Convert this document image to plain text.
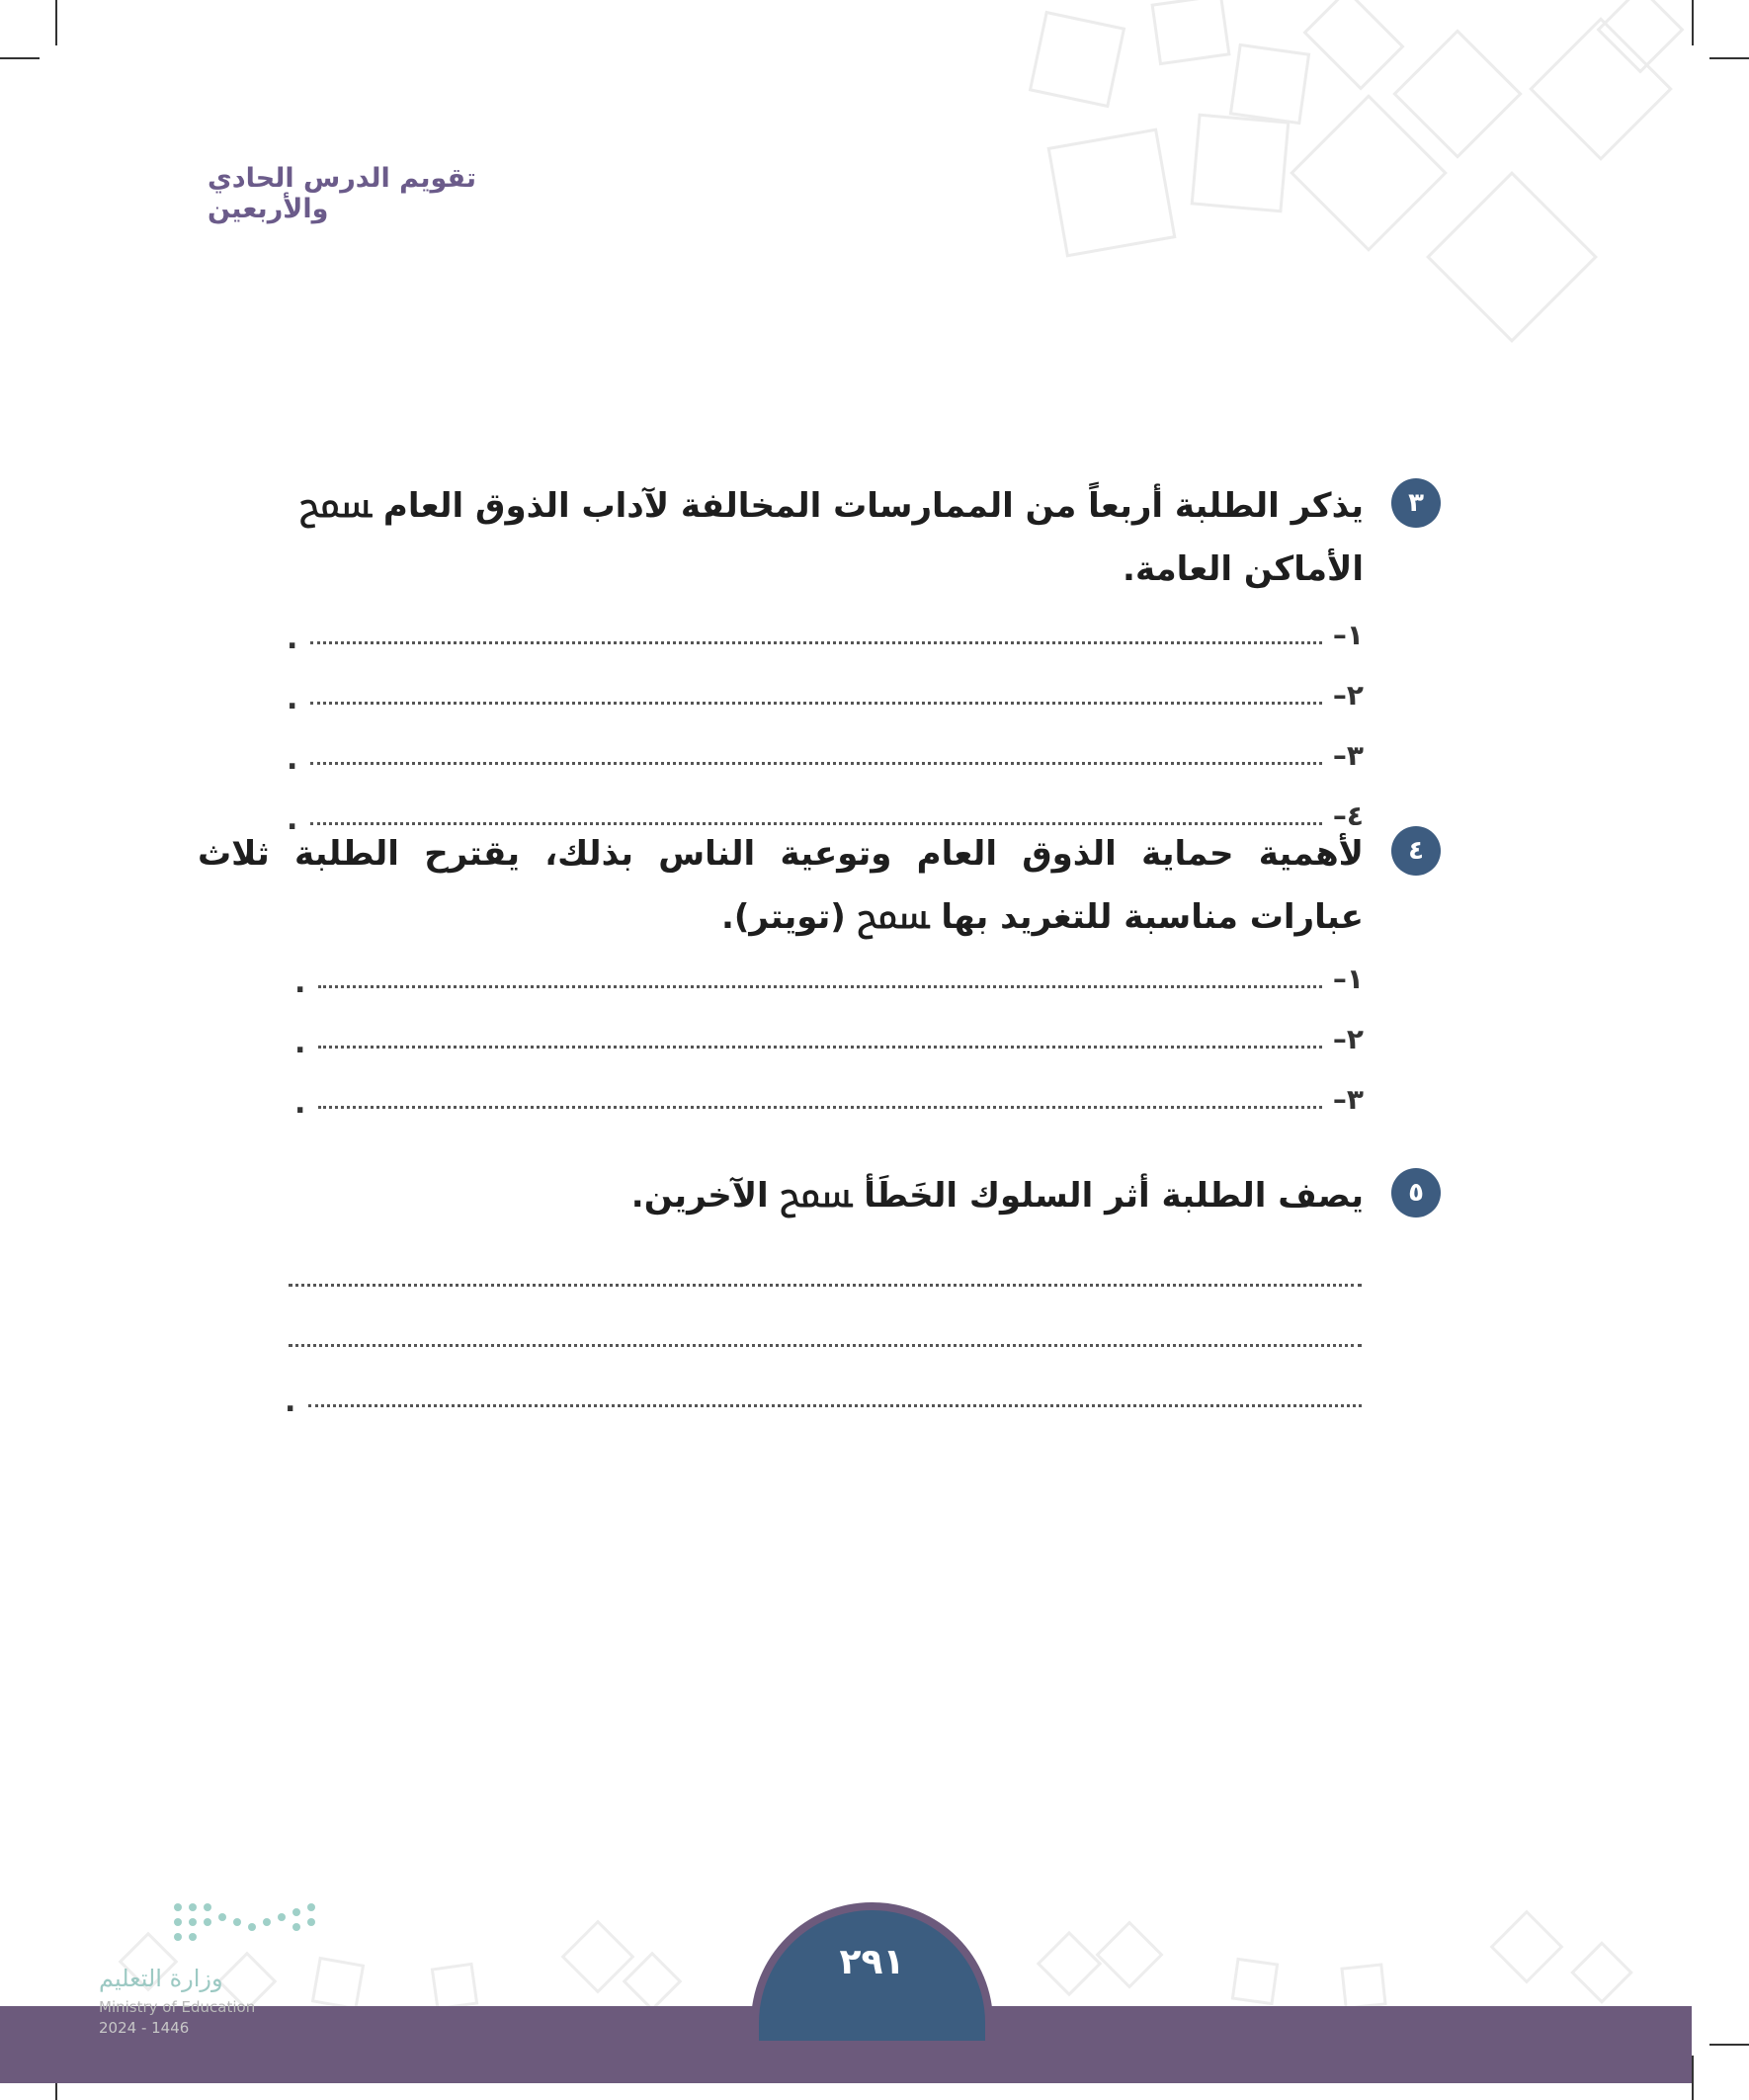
تقويم الدرس الحادي والأربعين
٣
يذكر الطلبة أربعاً من الممارسات المخالفة لآداب الذوق العام ﵟ الأماكن العامة.
١–
.
٢–
.
٣–
.
٤–
.
٤
لأهمية حماية الذوق العام وتوعية الناس بذلك، يقترح الطلبة ثلاث عبارات مناسبة للتغريد بها ﵟ (تويتر).
١–
.
٢–
.
٣–
.
٥
يصف الطلبة أثر السلوك الخَطَأ ﵟ الآخرين.
.
٢٩١
وزارة التعليم
Ministry of Education
2024 - 1446
